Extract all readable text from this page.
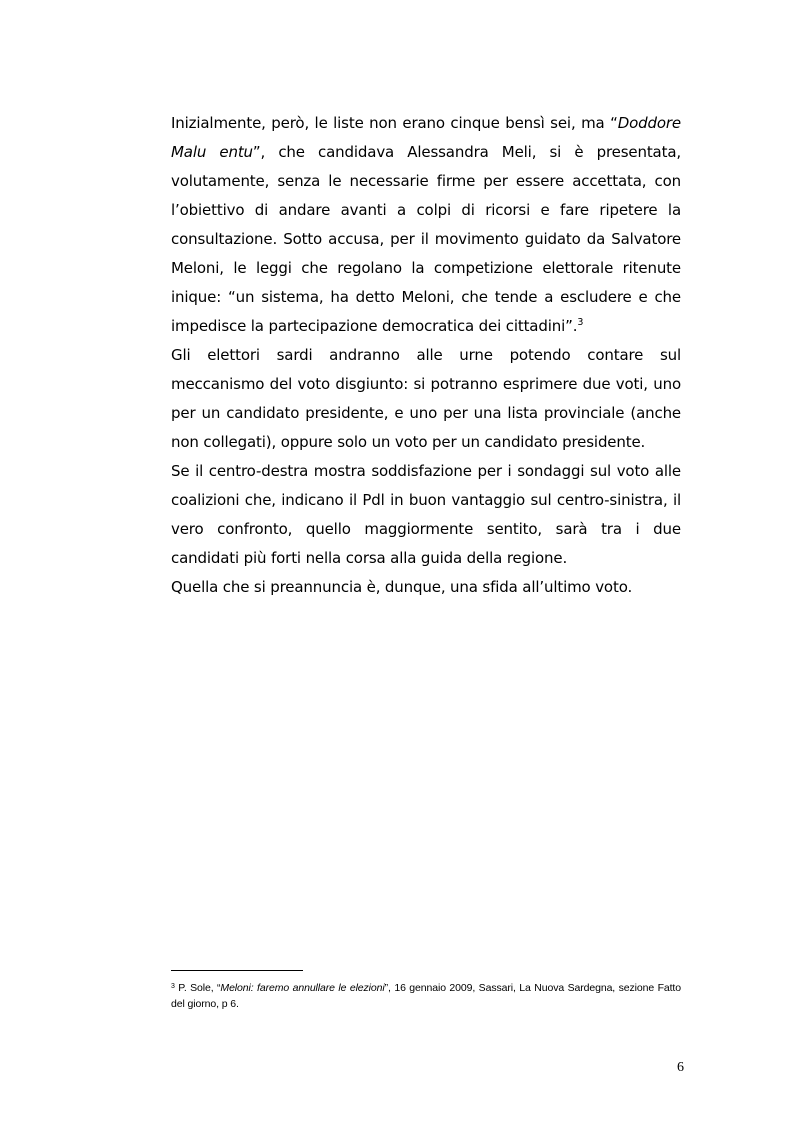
Inizialmente, però, le liste non erano cinque bensì sei, ma “Doddore Malu entu”, che candidava Alessandra Meli, si è presentata, volutamente, senza le necessarie firme per essere accettata, con l’obiettivo di andare avanti a colpi di ricorsi e fare ripetere la consultazione. Sotto accusa, per il movimento guidato da Salvatore Meloni, le leggi che regolano la competizione elettorale ritenute inique: “un sistema, ha detto Meloni, che tende a escludere e che impedisce la partecipazione democratica dei cittadini”.$^3$

Gli elettori sardi andranno alle urne potendo contare sul meccanismo del voto disgiunto: si potranno esprimere due voti, uno per un candidato presidente, e uno per una lista provinciale (anche non collegati), oppure solo un voto per un candidato presidente.

Se il centro-destra mostra soddisfazione per i sondaggi sul voto alle coalizioni che, indicano il Pdl in buon vantaggio sul centro-sinistra, il vero confronto, quello maggiormente sentito, sarà tra i due candidati più forti nella corsa alla guida della regione.

Quella che si preannuncia è, dunque, una sfida all’ultimo voto.

$^3$ P. Sole, “Meloni: faremo annullare le elezioni”, 16 gennaio 2009, Sassari, La Nuova Sardegna, sezione Fatto del giorno, p 6.
6
